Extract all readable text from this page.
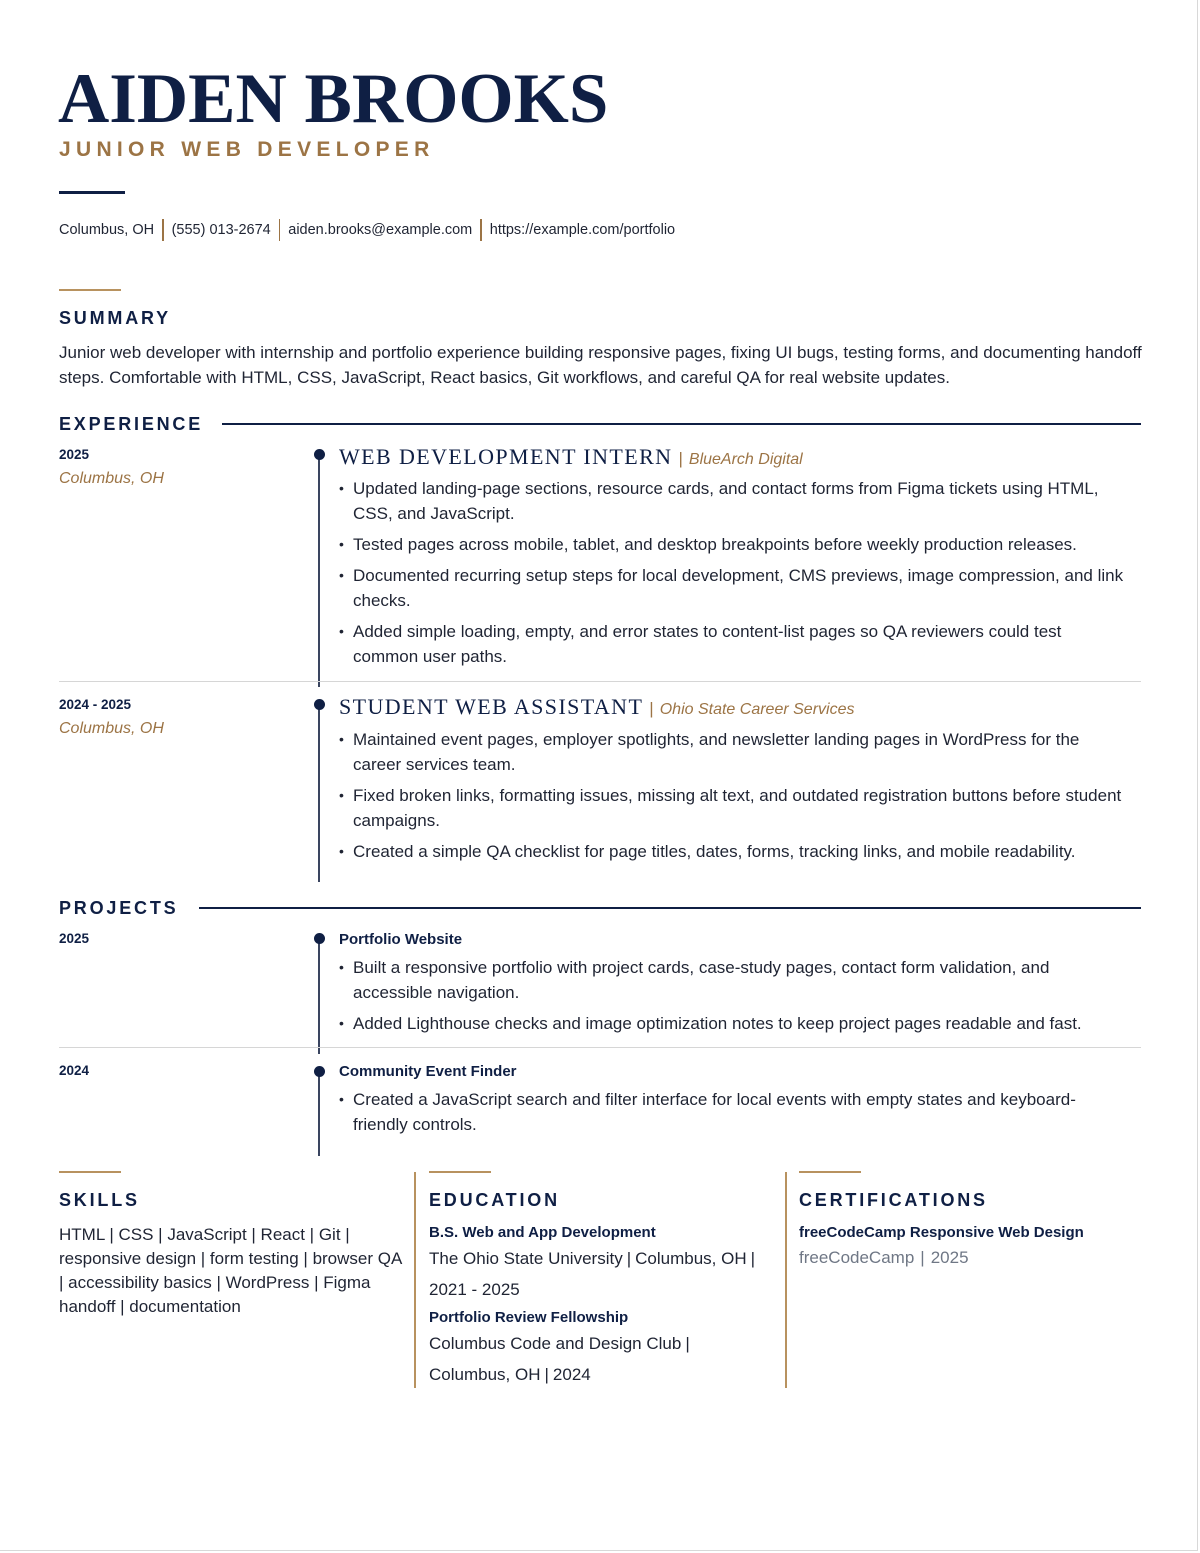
AIDEN BROOKS
JUNIOR WEB DEVELOPER
Columbus, OH (555) 013-2674 aiden.brooks@example.com https://example.com/portfolio
SUMMARY
Junior web developer with internship and portfolio experience building responsive pages, fixing UI bugs, testing forms, and documenting handoff steps. Comfortable with HTML, CSS, JavaScript, React basics, Git workflows, and careful QA for real website updates.
EXPERIENCE
2025
Columbus, OH
WEB DEVELOPMENT INTERN | BlueArch Digital
• Updated landing-page sections, resource cards, and contact forms from Figma tickets using HTML, CSS, and JavaScript.
• Tested pages across mobile, tablet, and desktop breakpoints before weekly production releases.
• Documented recurring setup steps for local development, CMS previews, image compression, and link checks.
• Added simple loading, empty, and error states to content-list pages so QA reviewers could test common user paths.
2024 - 2025
Columbus, OH
STUDENT WEB ASSISTANT | Ohio State Career Services
• Maintained event pages, employer spotlights, and newsletter landing pages in WordPress for the career services team.
• Fixed broken links, formatting issues, missing alt text, and outdated registration buttons before student campaigns.
• Created a simple QA checklist for page titles, dates, forms, tracking links, and mobile readability.
PROJECTS
2025	Portfolio Website
• Built a responsive portfolio with project cards, case-study pages, contact form validation, and accessible navigation.
• Added Lighthouse checks and image optimization notes to keep project pages readable and fast.
2024	Community Event Finder
• Created a JavaScript search and filter interface for local events with empty states and keyboard-friendly controls.
SKILLS
HTML | CSS | JavaScript | React | Git | responsive design | form testing | browser QA | accessibility basics | WordPress | Figma handoff | documentation
EDUCATION
B.S. Web and App Development
The Ohio State University | Columbus, OH |
2021 - 2025
Portfolio Review Fellowship
Columbus Code and Design Club |
Columbus, OH | 2024
CERTIFICATIONS
freeCodeCamp Responsive Web Design
freeCodeCamp | 2025
